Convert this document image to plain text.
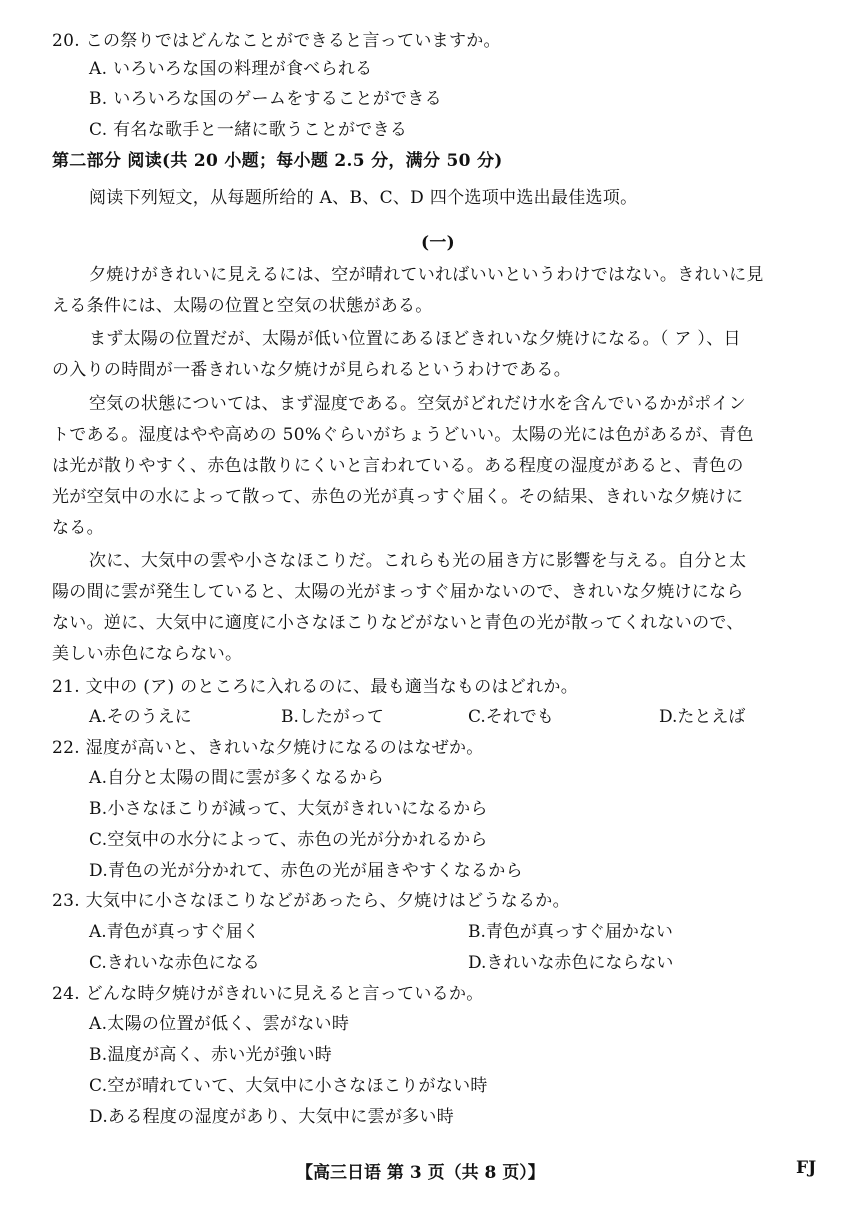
20. この祭りではどんなことができると言っていますか。
A. いろいろな国の料理が食べられる
B. いろいろな国のゲームをすることができる
C. 有名な歌手と一緒に歌うことができる
第二部分 阅读(共 20 小题；每小题 2.5 分，满分 50 分)
阅读下列短文，从每题所给的 A、B、C、D 四个选项中选出最佳选项。
(一)
夕焼けがきれいに見えるには、空が晴れていればいいというわけではない。きれいに見
える条件には、太陽の位置と空気の状態がある。
まず太陽の位置だが、太陽が低い位置にあるほどきれいな夕焼けになる。（ ア ）、日
の入りの時間が一番きれいな夕焼けが見られるというわけである。
空気の状態については、まず湿度である。空気がどれだけ水を含んでいるかがポイン
トである。湿度はやや高めの 50%ぐらいがちょうどいい。太陽の光には色があるが、青色
は光が散りやすく、赤色は散りにくいと言われている。ある程度の湿度があると、青色の
光が空気中の水によって散って、赤色の光が真っすぐ届く。その結果、きれいな夕焼けに
なる。
次に、大気中の雲や小さなほこりだ。これらも光の届き方に影響を与える。自分と太
陽の間に雲が発生していると、太陽の光がまっすぐ届かないので、きれいな夕焼けになら
ない。逆に、大気中に適度に小さなほこりなどがないと青色の光が散ってくれないので、
美しい赤色にならない。
21. 文中の (ア) のところに入れるのに、最も適当なものはどれか。
A.そのうえに	B.したがって	C.それでも	D.たとえば
22. 湿度が高いと、きれいな夕焼けになるのはなぜか。
A.自分と太陽の間に雲が多くなるから
B.小さなほこりが減って、大気がきれいになるから
C.空気中の水分によって、赤色の光が分かれるから
D.青色の光が分かれて、赤色の光が届きやすくなるから
23. 大気中に小さなほこりなどがあったら、夕焼けはどうなるか。
A.青色が真っすぐ届く	B.青色が真っすぐ届かない
C.きれいな赤色になる	D.きれいな赤色にならない
24. どんな時夕焼けがきれいに見えると言っているか。
A.太陽の位置が低く、雲がない時
B.温度が高く、赤い光が強い時
C.空が晴れていて、大気中に小さなほこりがない時
D.ある程度の湿度があり、大気中に雲が多い時
【高三日语 第 3 页（共 8 页）】	FJ
